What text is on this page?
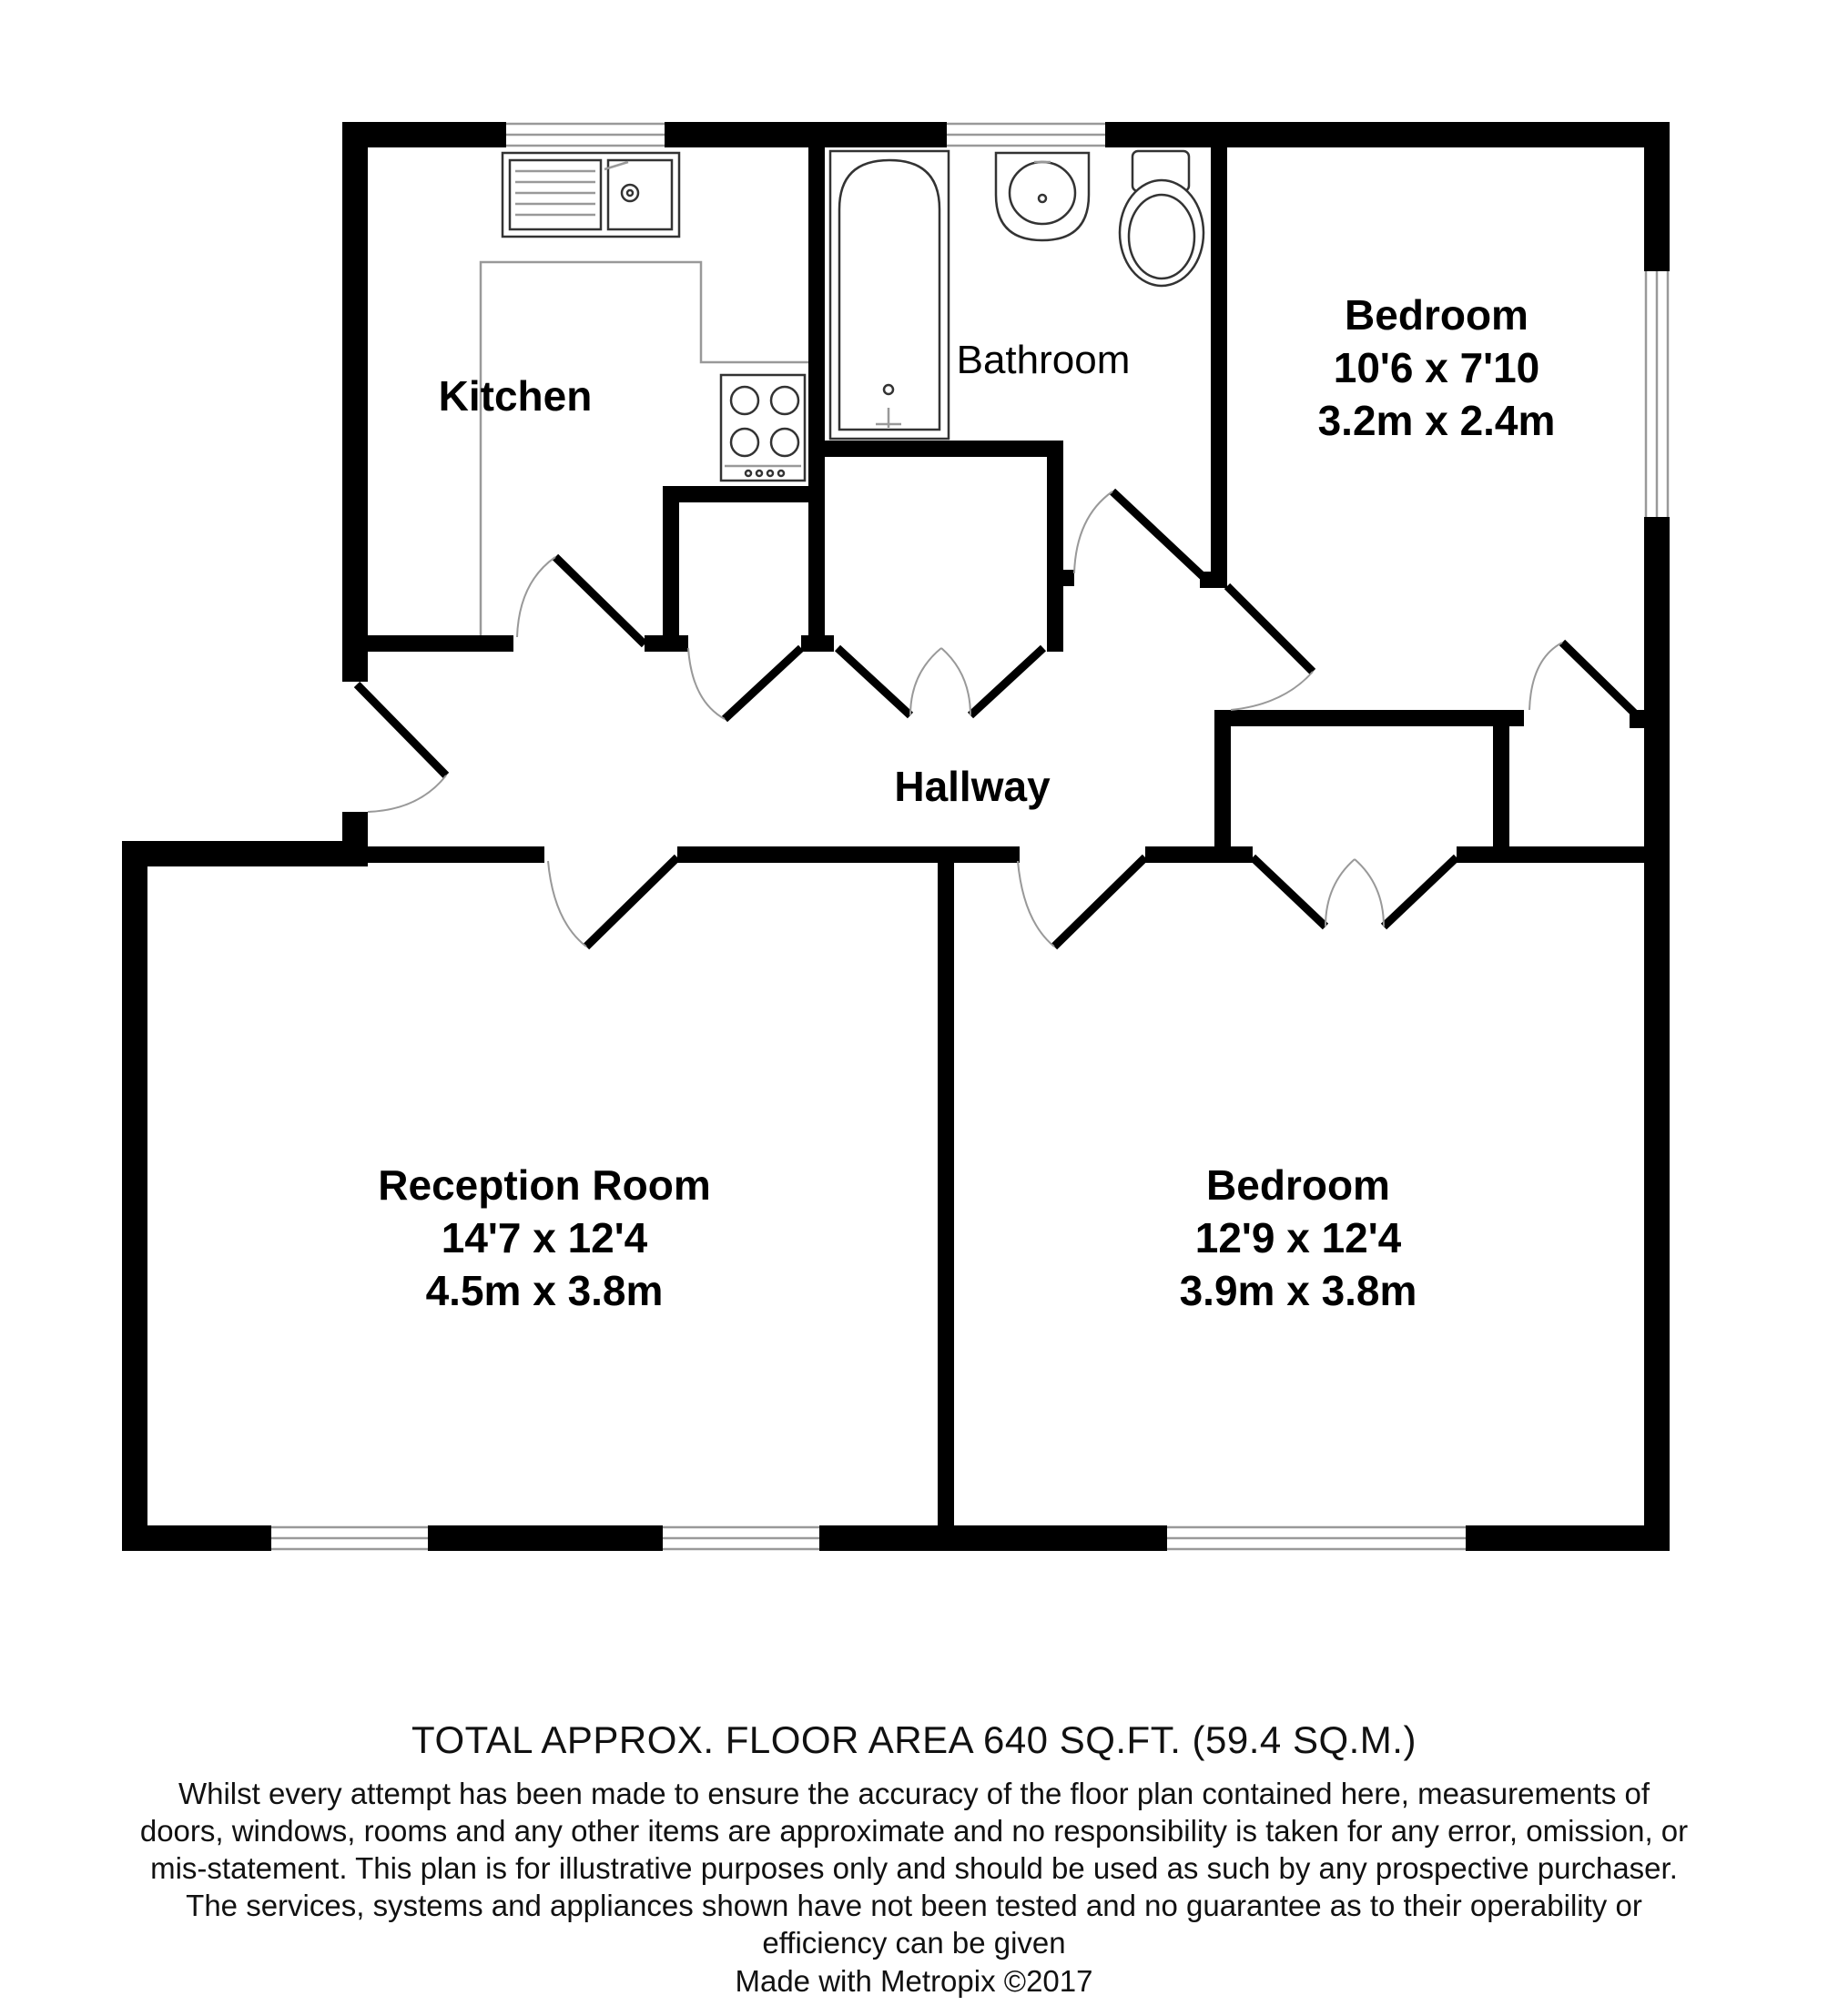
Kitchen
Bathroom
Bedroom
10'6 x 7'10
3.2m x 2.4m
Hallway
Reception Room
14'7 x 12'4
4.5m x 3.8m
Bedroom
12'9 x 12'4
3.9m x 3.8m
TOTAL APPROX. FLOOR AREA 640 SQ.FT. (59.4 SQ.M.)
Whilst every attempt has been made to ensure the accuracy of the floor plan contained here, measurements of doors, windows, rooms and any other items are approximate and no responsibility is taken for any error, omission, or mis-statement. This plan is for illustrative purposes only and should be used as such by any prospective purchaser. The services, systems and appliances shown have not been tested and no guarantee as to their operability or efficiency can be given
Made with Metropix ©2017
